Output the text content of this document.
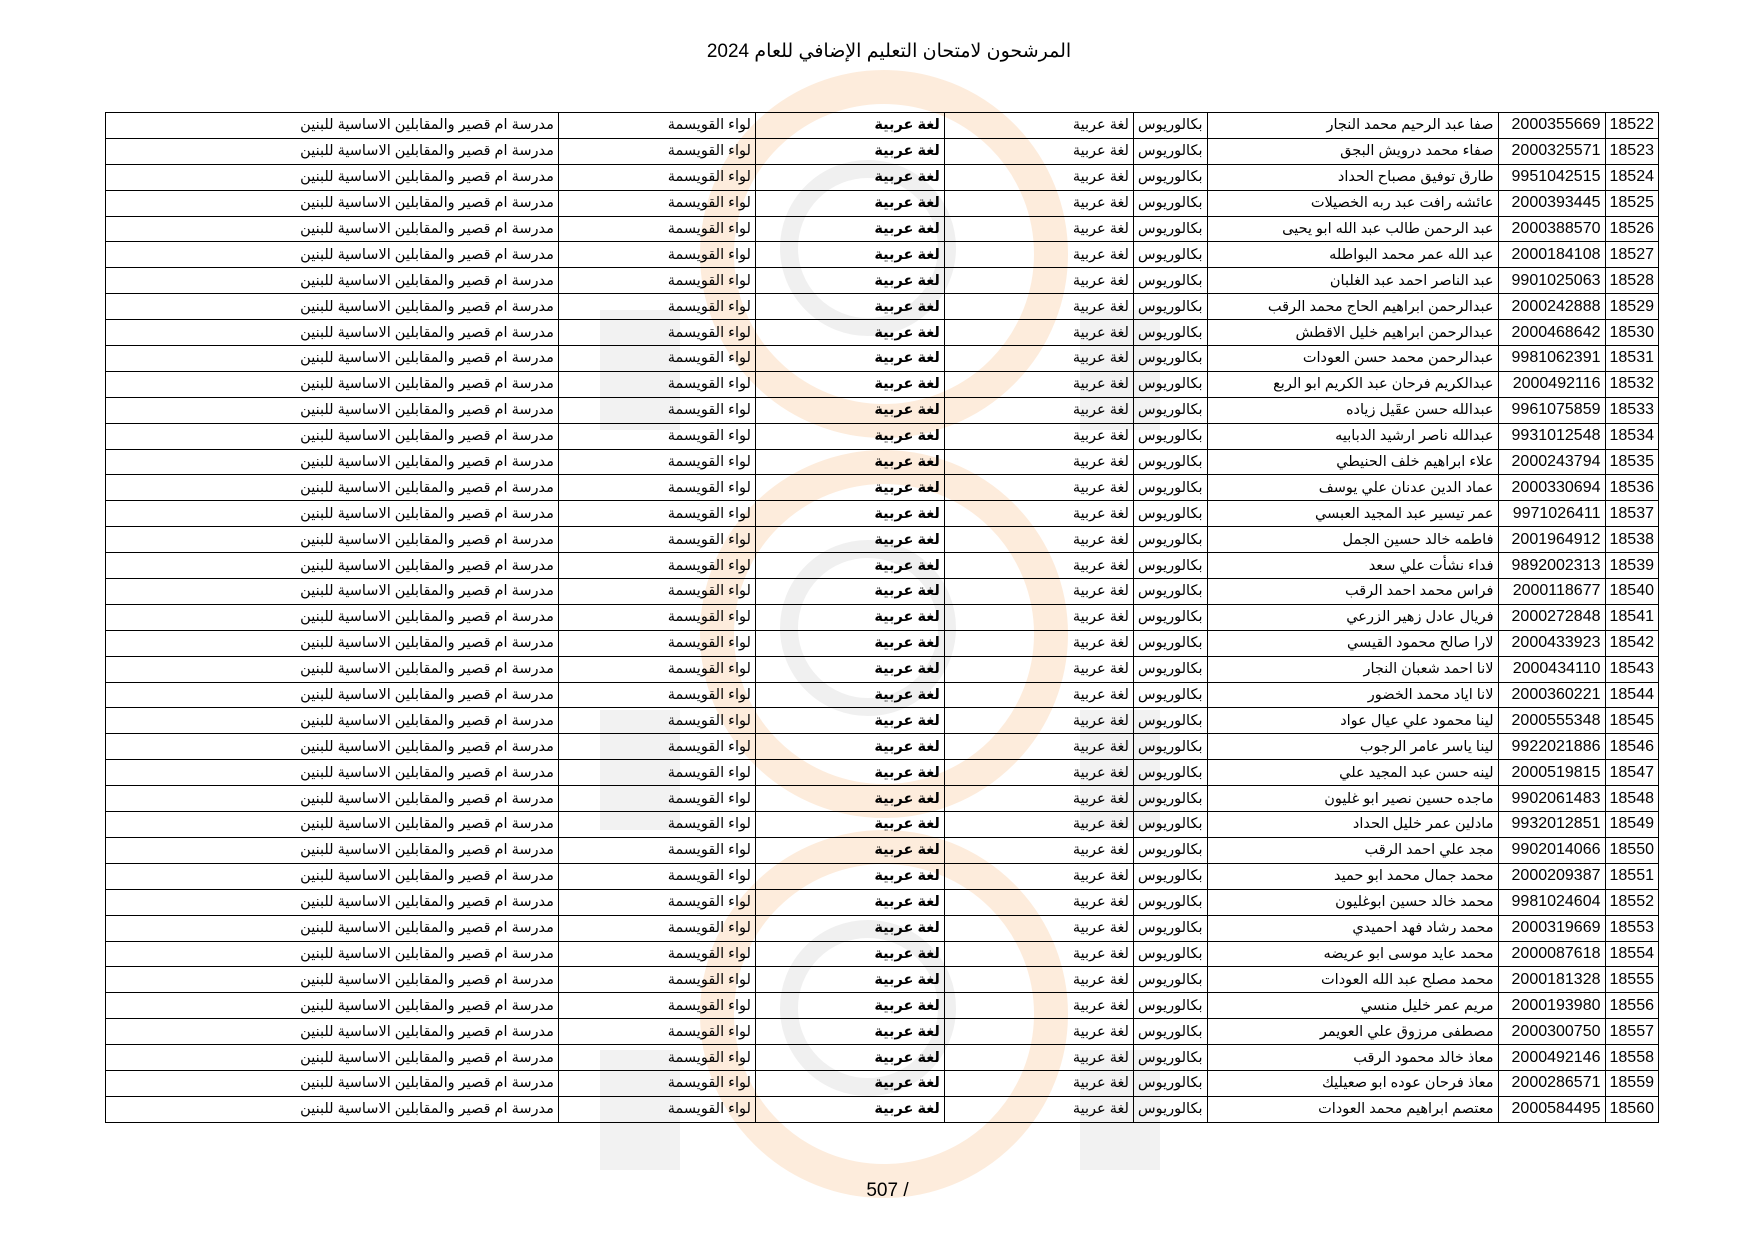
المرشحون لامتحان التعليم الإضافي للعام 2024
18522	2000355669	صفا عبد الرحيم محمد النجار	بكالوريوس	لغة عربية	لغة عربية	لواء القويسمة	مدرسة ام قصير والمقابلين الاساسية للبنين
18523	2000325571	صفاء محمد درويش البجق	بكالوريوس	لغة عربية	لغة عربية	لواء القويسمة	مدرسة ام قصير والمقابلين الاساسية للبنين
18524	9951042515	طارق توفيق مصباح الحداد	بكالوريوس	لغة عربية	لغة عربية	لواء القويسمة	مدرسة ام قصير والمقابلين الاساسية للبنين
18525	2000393445	عائشه رافت عبد ربه الخصيلات	بكالوريوس	لغة عربية	لغة عربية	لواء القويسمة	مدرسة ام قصير والمقابلين الاساسية للبنين
18526	2000388570	عبد الرحمن طالب عبد الله ابو يحيى	بكالوريوس	لغة عربية	لغة عربية	لواء القويسمة	مدرسة ام قصير والمقابلين الاساسية للبنين
18527	2000184108	عبد الله عمر محمد البواطله	بكالوريوس	لغة عربية	لغة عربية	لواء القويسمة	مدرسة ام قصير والمقابلين الاساسية للبنين
18528	9901025063	عبد الناصر احمد عبد الغلبان	بكالوريوس	لغة عربية	لغة عربية	لواء القويسمة	مدرسة ام قصير والمقابلين الاساسية للبنين
18529	2000242888	عبدالرحمن ابراهيم الحاج محمد الرقب	بكالوريوس	لغة عربية	لغة عربية	لواء القويسمة	مدرسة ام قصير والمقابلين الاساسية للبنين
18530	2000468642	عبدالرحمن ابراهيم خليل الاقطش	بكالوريوس	لغة عربية	لغة عربية	لواء القويسمة	مدرسة ام قصير والمقابلين الاساسية للبنين
18531	9981062391	عبدالرحمن محمد حسن العودات	بكالوريوس	لغة عربية	لغة عربية	لواء القويسمة	مدرسة ام قصير والمقابلين الاساسية للبنين
18532	2000492116	عبدالكريم فرحان عبد الكريم ابو الربع	بكالوريوس	لغة عربية	لغة عربية	لواء القويسمة	مدرسة ام قصير والمقابلين الاساسية للبنين
18533	9961075859	عبدالله حسن عقَيل زياده	بكالوريوس	لغة عربية	لغة عربية	لواء القويسمة	مدرسة ام قصير والمقابلين الاساسية للبنين
18534	9931012548	عبدالله ناصر ارشيد الدبابيه	بكالوريوس	لغة عربية	لغة عربية	لواء القويسمة	مدرسة ام قصير والمقابلين الاساسية للبنين
18535	2000243794	علاء ابراهيم خلف الحنيطي	بكالوريوس	لغة عربية	لغة عربية	لواء القويسمة	مدرسة ام قصير والمقابلين الاساسية للبنين
18536	2000330694	عماد الدين عدنان علي يوسف	بكالوريوس	لغة عربية	لغة عربية	لواء القويسمة	مدرسة ام قصير والمقابلين الاساسية للبنين
18537	9971026411	عمر تيسير عبد المجيد العبسي	بكالوريوس	لغة عربية	لغة عربية	لواء القويسمة	مدرسة ام قصير والمقابلين الاساسية للبنين
18538	2001964912	فاطمه خالد حسين الجمل	بكالوريوس	لغة عربية	لغة عربية	لواء القويسمة	مدرسة ام قصير والمقابلين الاساسية للبنين
18539	9892002313	فداء نشأت علي سعد	بكالوريوس	لغة عربية	لغة عربية	لواء القويسمة	مدرسة ام قصير والمقابلين الاساسية للبنين
18540	2000118677	فراس محمد احمد الرقب	بكالوريوس	لغة عربية	لغة عربية	لواء القويسمة	مدرسة ام قصير والمقابلين الاساسية للبنين
18541	2000272848	فريال عادل زهير الزرعي	بكالوريوس	لغة عربية	لغة عربية	لواء القويسمة	مدرسة ام قصير والمقابلين الاساسية للبنين
18542	2000433923	لارا صالح محمود القيسي	بكالوريوس	لغة عربية	لغة عربية	لواء القويسمة	مدرسة ام قصير والمقابلين الاساسية للبنين
18543	2000434110	لانا احمد شعبان النجار	بكالوريوس	لغة عربية	لغة عربية	لواء القويسمة	مدرسة ام قصير والمقابلين الاساسية للبنين
18544	2000360221	لانا اياد محمد الخضور	بكالوريوس	لغة عربية	لغة عربية	لواء القويسمة	مدرسة ام قصير والمقابلين الاساسية للبنين
18545	2000555348	لينا محمود علي عيال عواد	بكالوريوس	لغة عربية	لغة عربية	لواء القويسمة	مدرسة ام قصير والمقابلين الاساسية للبنين
18546	9922021886	لينا ياسر عامر الرجوب	بكالوريوس	لغة عربية	لغة عربية	لواء القويسمة	مدرسة ام قصير والمقابلين الاساسية للبنين
18547	2000519815	لينه حسن عبد المجيد علي	بكالوريوس	لغة عربية	لغة عربية	لواء القويسمة	مدرسة ام قصير والمقابلين الاساسية للبنين
18548	9902061483	ماجده حسين نصير ابو غليون	بكالوريوس	لغة عربية	لغة عربية	لواء القويسمة	مدرسة ام قصير والمقابلين الاساسية للبنين
18549	9932012851	مادلين عمر خليل الحداد	بكالوريوس	لغة عربية	لغة عربية	لواء القويسمة	مدرسة ام قصير والمقابلين الاساسية للبنين
18550	9902014066	مجد علي احمد الرقب	بكالوريوس	لغة عربية	لغة عربية	لواء القويسمة	مدرسة ام قصير والمقابلين الاساسية للبنين
18551	2000209387	محمد جمال محمد ابو حميد	بكالوريوس	لغة عربية	لغة عربية	لواء القويسمة	مدرسة ام قصير والمقابلين الاساسية للبنين
18552	9981024604	محمد خالد حسين ابوغليون	بكالوريوس	لغة عربية	لغة عربية	لواء القويسمة	مدرسة ام قصير والمقابلين الاساسية للبنين
18553	2000319669	محمد رشاد فهد احميدي	بكالوريوس	لغة عربية	لغة عربية	لواء القويسمة	مدرسة ام قصير والمقابلين الاساسية للبنين
18554	2000087618	محمد عايد موسى ابو عريضه	بكالوريوس	لغة عربية	لغة عربية	لواء القويسمة	مدرسة ام قصير والمقابلين الاساسية للبنين
18555	2000181328	محمد مصلح عبد الله العودات	بكالوريوس	لغة عربية	لغة عربية	لواء القويسمة	مدرسة ام قصير والمقابلين الاساسية للبنين
18556	2000193980	مريم عمر خليل منسي	بكالوريوس	لغة عربية	لغة عربية	لواء القويسمة	مدرسة ام قصير والمقابلين الاساسية للبنين
18557	2000300750	مصطفى مرزوق علي العويمر	بكالوريوس	لغة عربية	لغة عربية	لواء القويسمة	مدرسة ام قصير والمقابلين الاساسية للبنين
18558	2000492146	معاذ خالد محمود الرقب	بكالوريوس	لغة عربية	لغة عربية	لواء القويسمة	مدرسة ام قصير والمقابلين الاساسية للبنين
18559	2000286571	معاذ فرحان عوده ابو صعيليك	بكالوريوس	لغة عربية	لغة عربية	لواء القويسمة	مدرسة ام قصير والمقابلين الاساسية للبنين
18560	2000584495	معتصم ابراهيم محمد العودات	بكالوريوس	لغة عربية	لغة عربية	لواء القويسمة	مدرسة ام قصير والمقابلين الاساسية للبنين
507 /
